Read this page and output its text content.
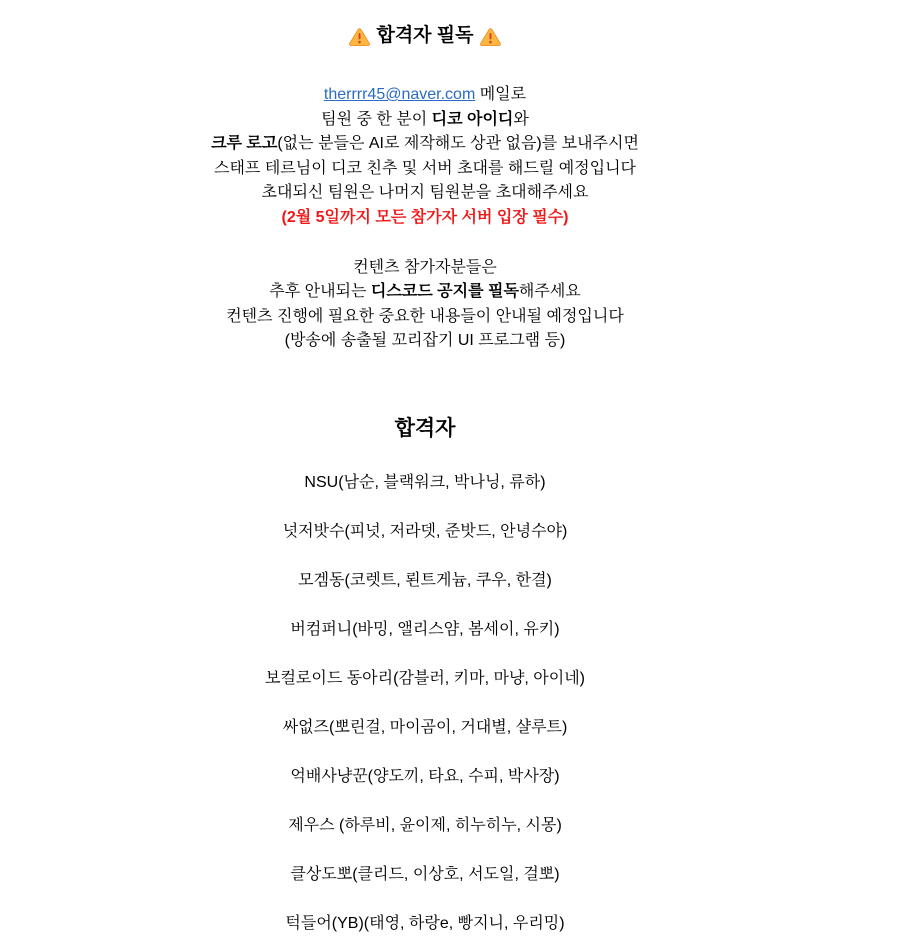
합격자 필독

therrrr45@naver.com 메일로

팀원 중 한 분이 디코 아이디와

크루 로고(없는 분들은 AI로 제작해도 상관 없음)를 보내주시면

스태프 테르님이 디코 친추 및 서버 초대를 해드릴 예정입니다

초대되신 팀원은 나머지 팀원분을 초대해주세요

(2월 5일까지 모든 참가자 서버 입장 필수)

컨텐츠 참가자분들은

추후 안내되는 디스코드 공지를 필독해주세요

컨텐츠 진행에 필요한 중요한 내용들이 안내될 예정입니다

(방송에 송출될 꼬리잡기 UI 프로그램 등)

합격자

NSU(남순, 블랙워크, 박나닝, 류하)

넛저밧수(피넛, 저라뎃, 준밧드, 안녕수야)

모겜동(코렛트, 뢴트게늄, 쿠우, 한결)

버컴퍼니(바밍, 앨리스얌, 봄세이, 유키)

보컬로이드 동아리(감블러, 키마, 마냥, 아이네)

싸없즈(뽀린걸, 마이곰이, 거대별, 샬루트)

억배사냥꾼(양도끼, 타요, 수피, 박사장)

제우스 (하루비, 윤이제, 히누히누, 시몽)

클상도뽀(클리드, 이상호, 서도일, 걸뽀)

턱들어(YB)(태영, 하랑e, 빵지니, 우리밍)
